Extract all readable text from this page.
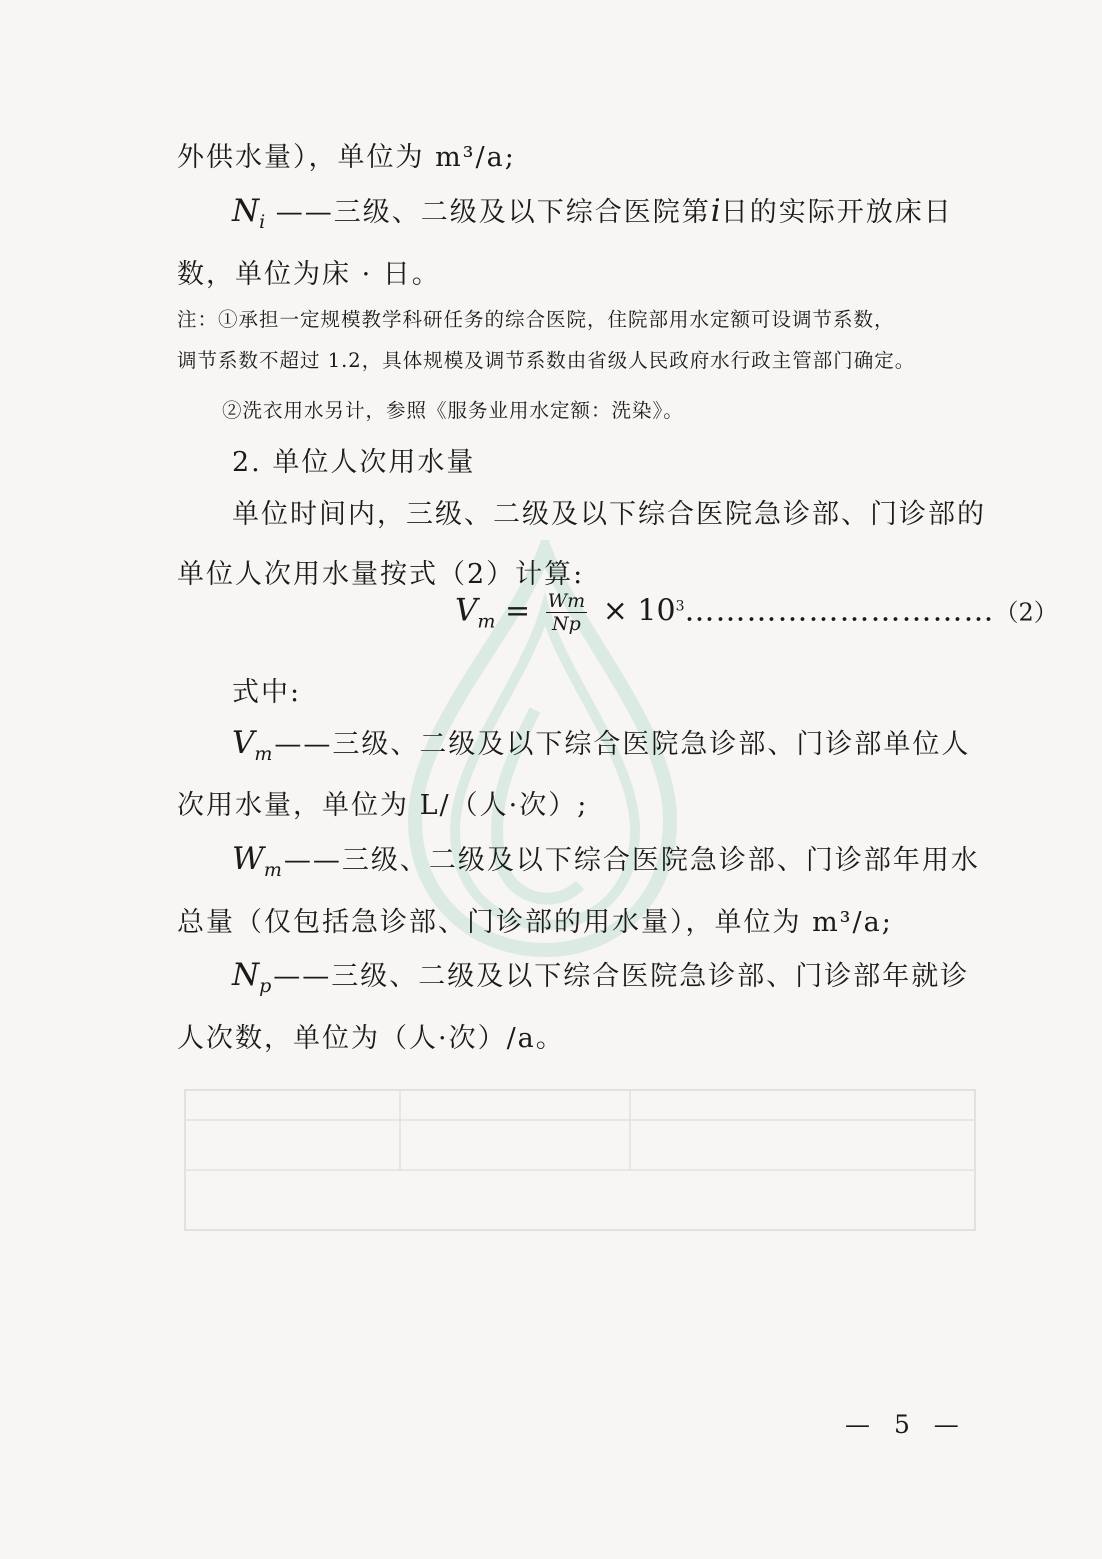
外供水量），单位为 m³/a;
$N_i$ ——三级、二级及以下综合医院第i日的实际开放床日
数，单位为床 · 日。
注：①承担一定规模教学科研任务的综合医院，住院部用水定额可设调节系数，
调节系数不超过 1.2，具体规模及调节系数由省级人民政府水行政主管部门确定。
②洗衣用水另计，参照《服务业用水定额：洗染》。
2. 单位人次用水量
单位时间内，三级、二级及以下综合医院急诊部、门诊部的
单位人次用水量按式（2）计算:
$V_m = \frac{Wm}{Np}$ × $10^3\dots\dots\dots\dots\dots\dots\dots\dots\dots\dots(2)$
式中:
$V_m——$三级、二级及以下综合医院急诊部、门诊部单位人
次用水量，单位为 L/（人·次）;
$W_m——$三级、二级及以下综合医院急诊部、门诊部年用水
总量（仅包括急诊部、门诊部的用水量），单位为 m³/a;
$N_p——$三级、二级及以下综合医院急诊部、门诊部年就诊
人次数，单位为（人·次）/a。
— 5 —
